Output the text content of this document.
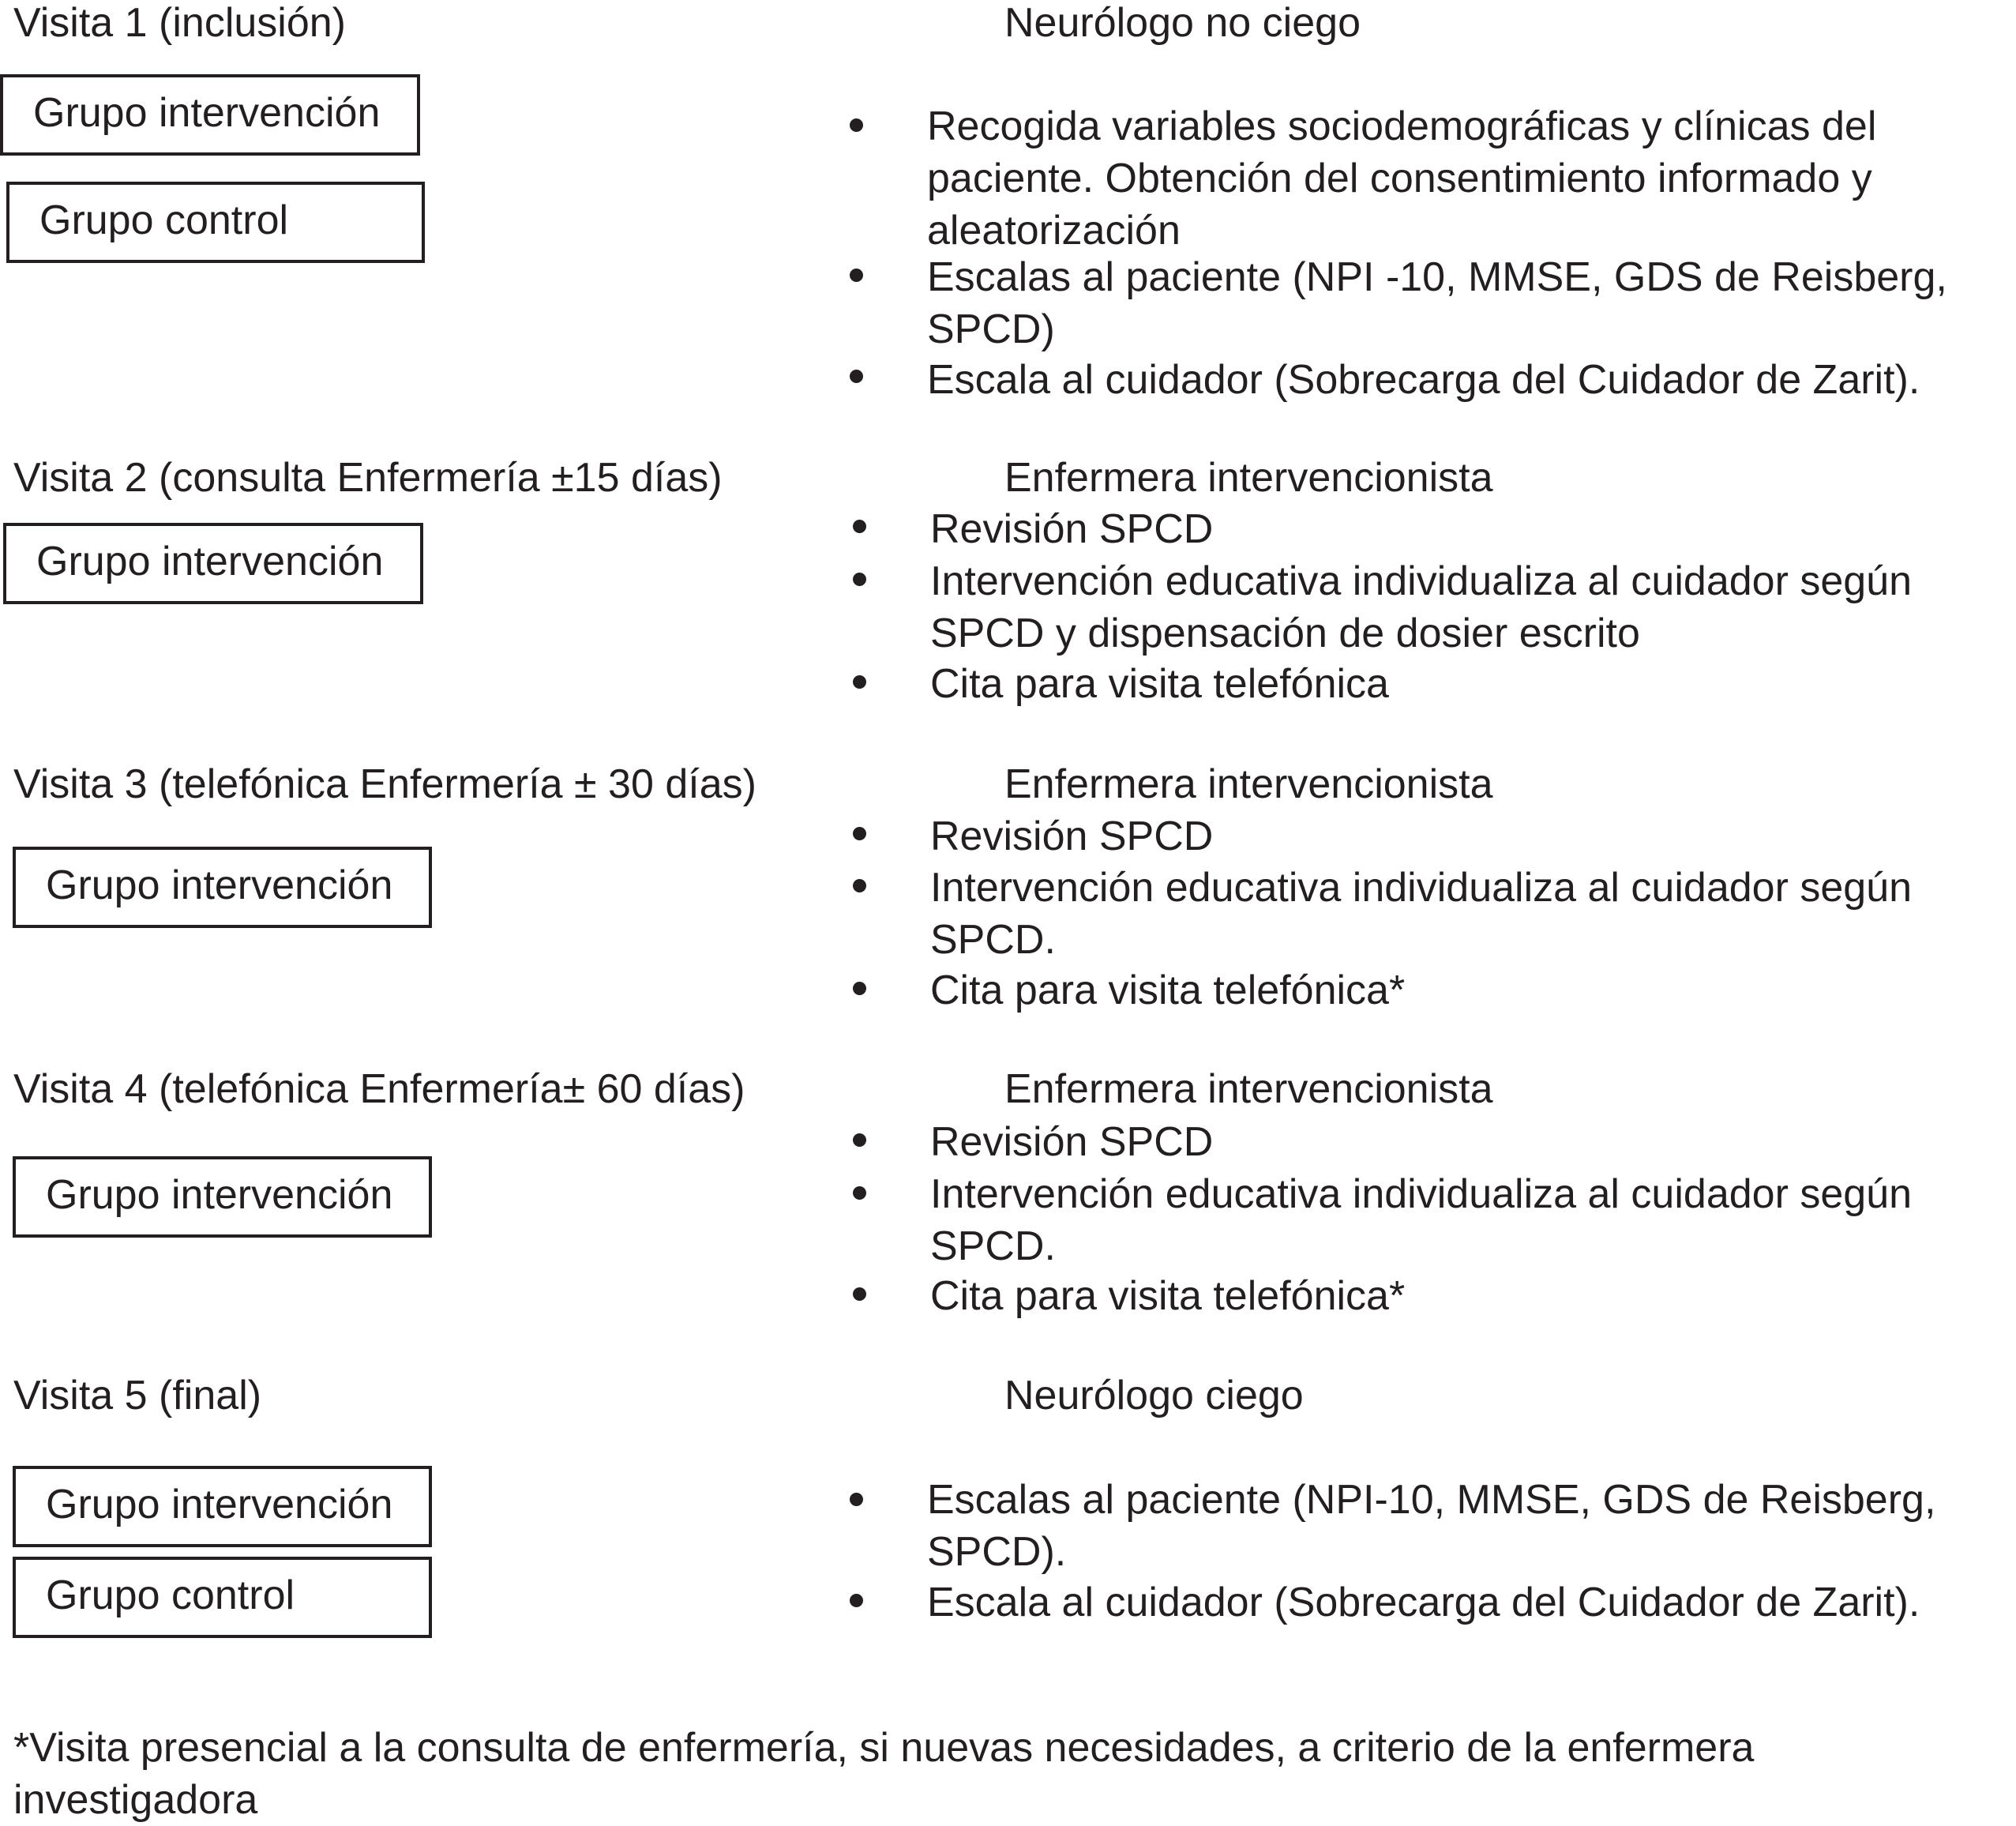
Visita 1 (inclusión)	Neurólogo no ciego
Grupo intervención
Grupo control
Recogida variables sociodemográficas y clínicas del
paciente. Obtención del consentimiento informado y
aleatorización
Escalas al paciente (NPI -10, MMSE, GDS de Reisberg,
SPCD)
Escala al cuidador (Sobrecarga del Cuidador de Zarit).
Visita 2 (consulta Enfermería ±15 días)	Enfermera intervencionista
Grupo intervención
Revisión SPCD
Intervención educativa individualiza al cuidador según
SPCD y dispensación de dosier escrito
Cita para visita telefónica
Visita 3 (telefónica Enfermería ± 30 días)	Enfermera intervencionista
Grupo intervención
Revisión SPCD
Intervención educativa individualiza al cuidador según
SPCD.
Cita para visita telefónica*
Visita 4 (telefónica Enfermería± 60 días)	Enfermera intervencionista
Grupo intervención
Revisión SPCD
Intervención educativa individualiza al cuidador según
SPCD.
Cita para visita telefónica*
Visita 5 (final)	Neurólogo ciego
Grupo intervención
Grupo control
Escalas al paciente (NPI-10, MMSE, GDS de Reisberg,
SPCD).
Escala al cuidador (Sobrecarga del Cuidador de Zarit).
*Visita presencial a la consulta de enfermería, si nuevas necesidades, a criterio de la enfermera
investigadora
